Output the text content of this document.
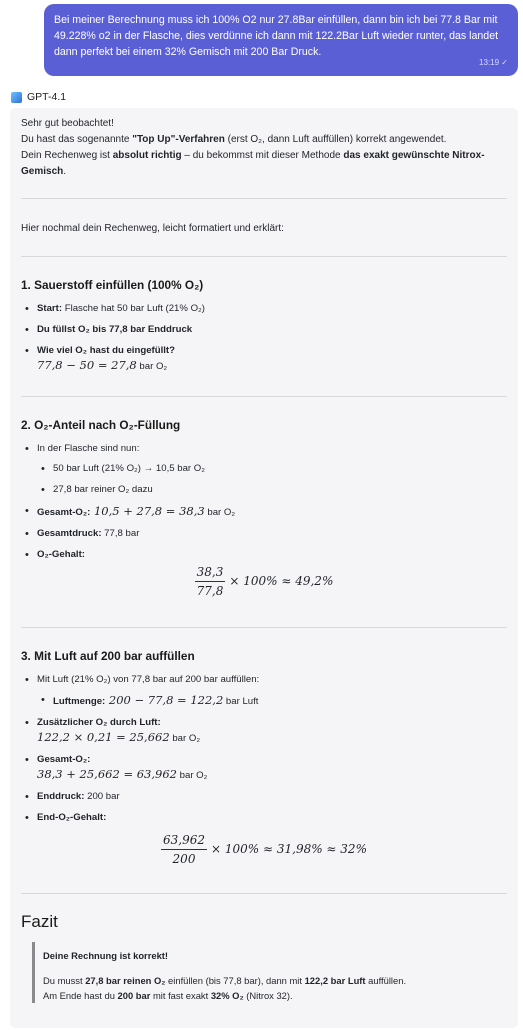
Bei meiner Berechnung muss ich 100% O2 nur 27.8Bar einfüllen, dann bin ich bei 77.8 Bar mit 49.228% o2 in der Flasche, dies verdünne ich dann mit 122.2Bar Luft wieder runter, das landet dann perfekt bei einem 32% Gemisch mit 200 Bar Druck.

13:19 ✓
GPT-4.1

Sehr gut beobachtet!

Du hast das sogenannte "Top Up"-Verfahren (erst O₂, dann Luft auffüllen) korrekt angewendet.

Dein Rechenweg ist absolut richtig – du bekommst mit dieser Methode das exakt gewünschte Nitrox-Gemisch.

Hier nochmal dein Rechenweg, leicht formatiert und erklärt:

1. Sauerstoff einfüllen (100% O₂)
• Start: Flasche hat 50 bar Luft (21% O₂)
• Du füllst O₂ bis 77,8 bar Enddruck
• Wie viel O₂ hast du eingefüllt?
77,8 − 50 = 27,8 bar O₂
2. O₂-Anteil nach O₂-Füllung
• In der Flasche sind nun:
• 50 bar Luft (21% O₂) → 10,5 bar O₂
• 27,8 bar reiner O₂ dazu
• Gesamt-O₂: 10,5 + 27,8 = 38,3 bar O₂
• Gesamtdruck: 77,8 bar
• O₂-Gehalt:
$\frac{38,3}{77,8} \times 100\% \approx 49,2\%$
3. Mit Luft auf 200 bar auffüllen
• Mit Luft (21% O₂) von 77,8 bar auf 200 bar auffüllen:
• Luftmenge: 200 − 77,8 = 122,2 bar Luft
• Zusätzlicher O₂ durch Luft:
122,2 × 0,21 = 25,662 bar O₂
• Gesamt-O₂:
38,3 + 25,662 = 63,962 bar O₂
• Enddruck: 200 bar
• End-O₂-Gehalt:
$\frac{63,962}{200} \times 100\% \approx 31,98\% \approx 32\%$
Fazit

Deine Rechnung ist korrekt!

Du musst 27,8 bar reinen O₂ einfüllen (bis 77,8 bar), dann mit 122,2 bar Luft auffüllen.

Am Ende hast du 200 bar mit fast exakt 32% O₂ (Nitrox 32).
